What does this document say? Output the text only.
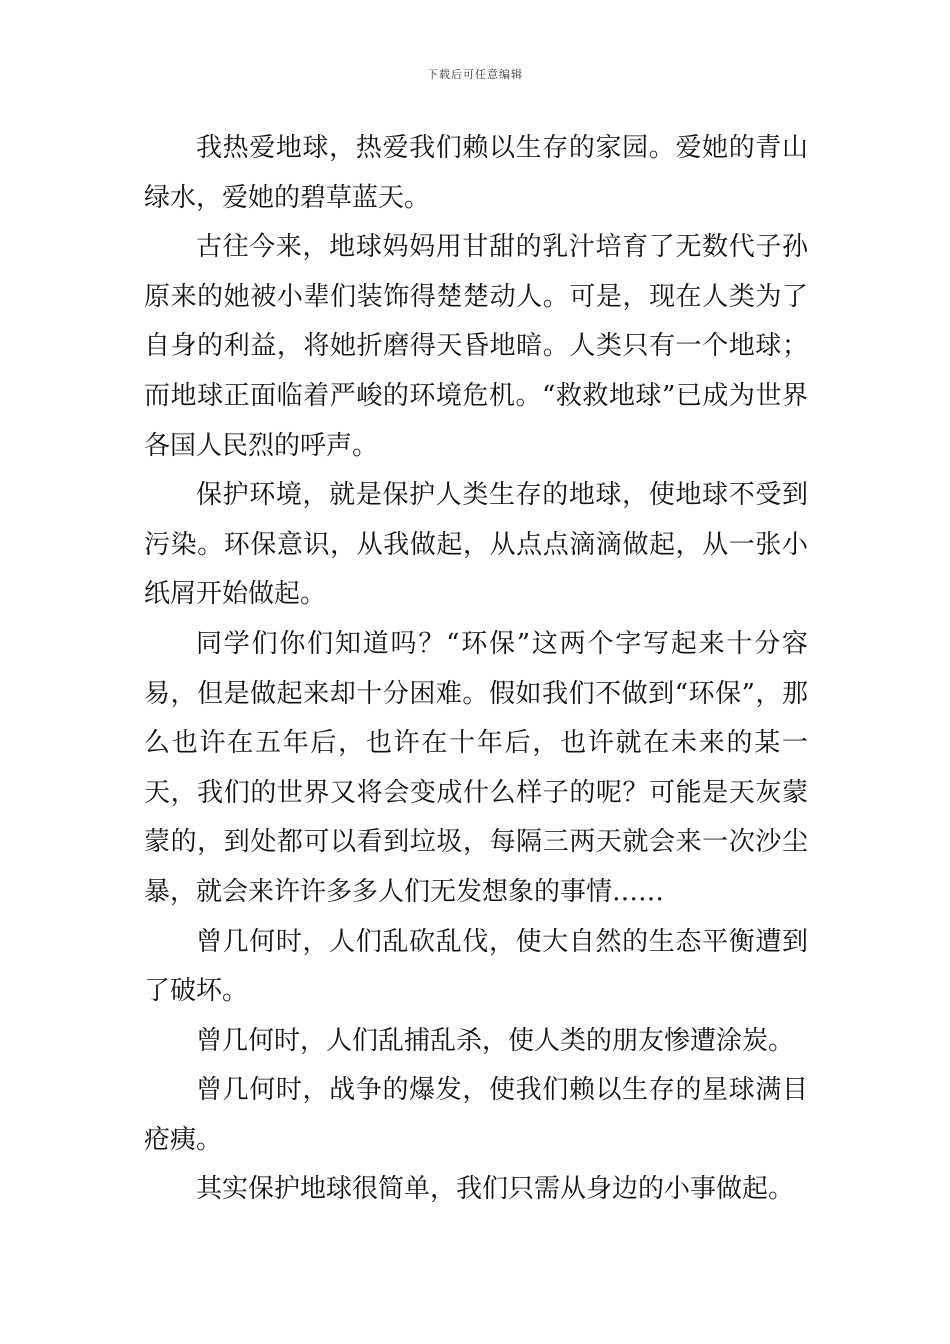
下载后可任意编辑

我热爱地球，热爱我们赖以生存的家园。爱她的青山绿水，爱她的碧草蓝天。

古往今来，地球妈妈用甘甜的乳汁培育了无数代子孙原来的她被小辈们装饰得楚楚动人。可是，现在人类为了自身的利益，将她折磨得天昏地暗。人类只有一个地球；而地球正面临着严峻的环境危机。“救救地球”已成为世界各国人民烈的呼声。

保护环境，就是保护人类生存的地球，使地球不受到污染。环保意识，从我做起，从点点滴滴做起，从一张小纸屑开始做起。

同学们你们知道吗？“环保”这两个字写起来十分容易，但是做起来却十分困难。假如我们不做到“环保”，那么也许在五年后，也许在十年后，也许就在未来的某一天，我们的世界又将会变成什么样子的呢？可能是天灰蒙蒙的，到处都可以看到垃圾，每隔三两天就会来一次沙尘暴，就会来许许多多人们无发想象的事情……

曾几何时，人们乱砍乱伐，使大自然的生态平衡遭到了破坏。

曾几何时，人们乱捕乱杀，使人类的朋友惨遭涂炭。

曾几何时，战争的爆发，使我们赖以生存的星球满目疮痍。

其实保护地球很简单，我们只需从身边的小事做起。
